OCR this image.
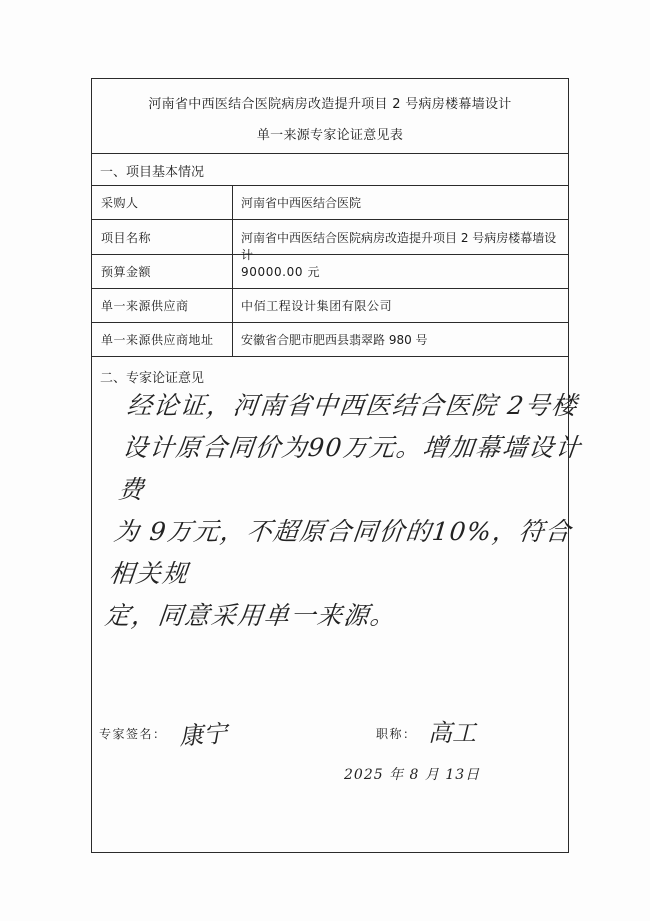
河南省中西医结合医院病房改造提升项目 2 号病房楼幕墙设计
单一来源专家论证意见表
一、项目基本情况
采购人	河南省中西医结合医院
项目名称	河南省中西医结合医院病房改造提升项目 2 号病房楼幕墙设计
预算金额	90000.00 元
单一来源供应商	中佰工程设计集团有限公司
单一来源供应商地址 安徽省合肥市肥西县翡翠路 980 号
二、专家论证意见
经论证，河南省中西医结合医院 2号楼
设计原合同价为90万元。增加幕墙设计费
为 9万元，不超原合同价的10%，符合相关规
定，同意采用单一来源。
专家签名： 康宁	职称： 高工
2025 年 8 月 13日
